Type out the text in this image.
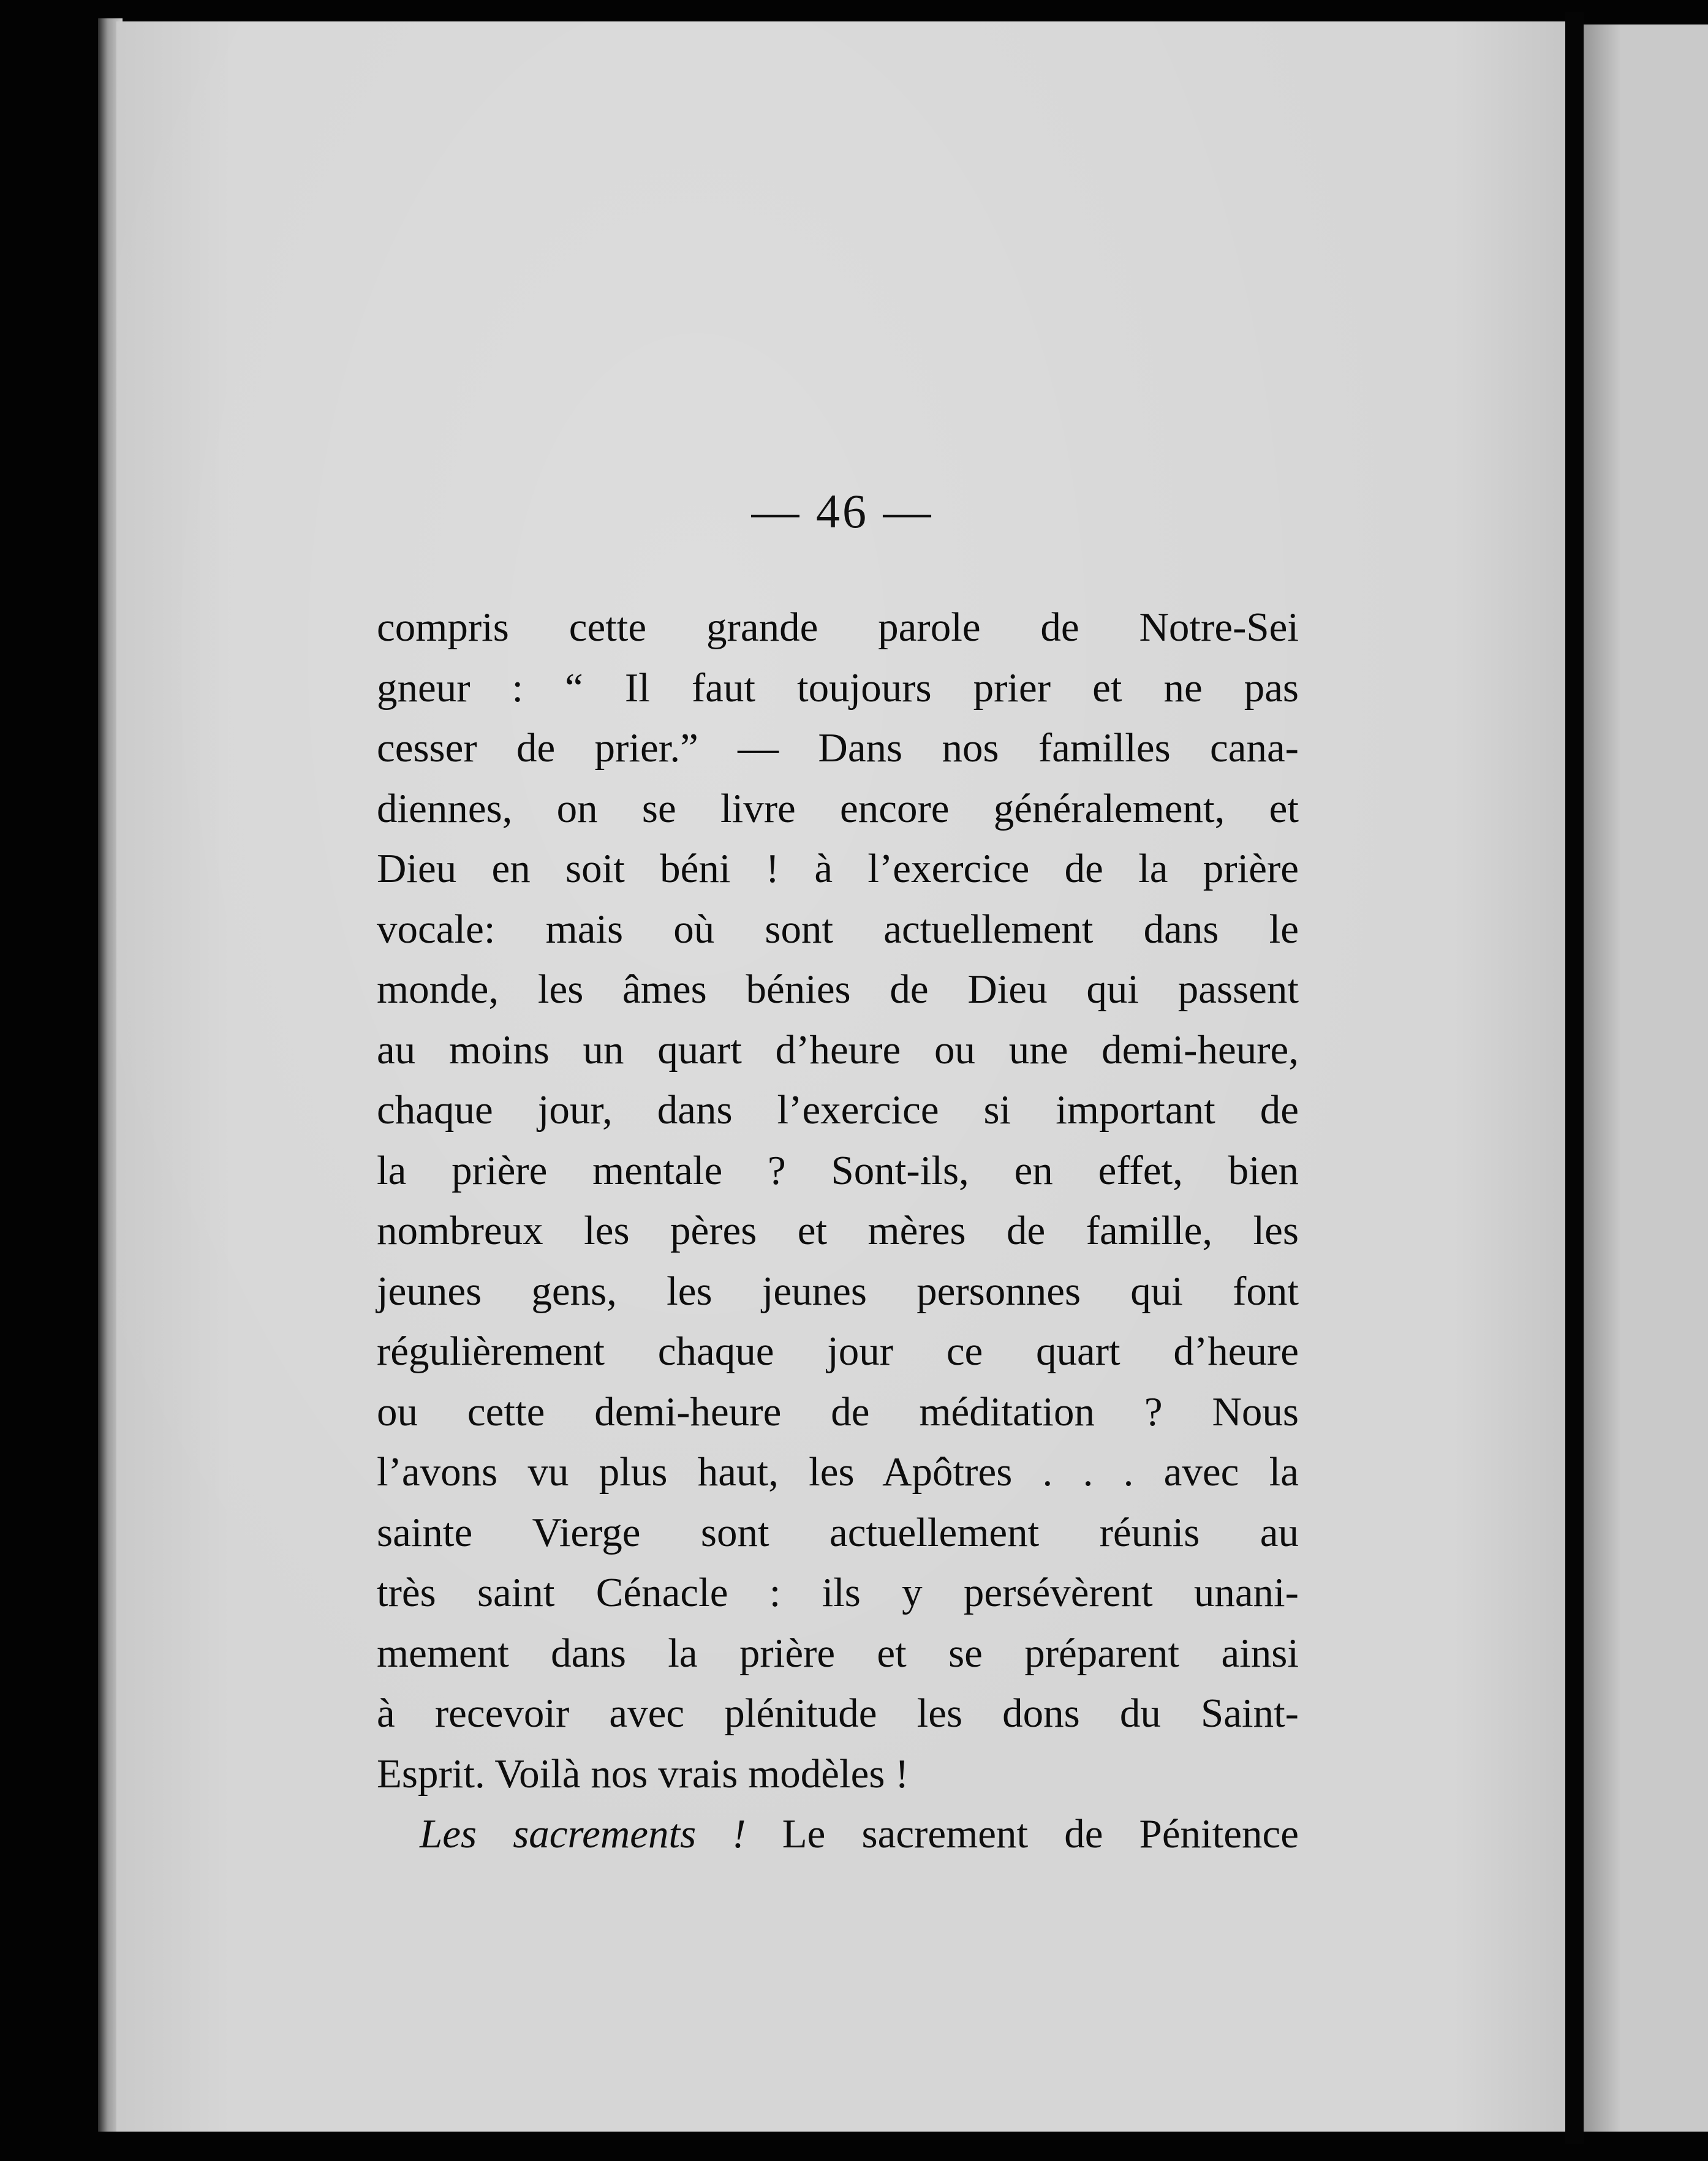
— 46 —
compris cette grande parole de Notre-Sei
gneur : “ Il faut toujours prier et ne pas
cesser de prier.” — Dans nos familles cana-
diennes, on se livre encore généralement, et
Dieu en soit béni ! à l’exercice de la prière
vocale: mais où sont actuellement dans le
monde, les âmes bénies de Dieu qui passent
au moins un quart d’heure ou une demi-heure,
chaque jour, dans l’exercice si important de
la prière mentale ? Sont-ils, en effet, bien
nombreux les pères et mères de famille, les
jeunes gens, les jeunes personnes qui font
régulièrement chaque jour ce quart d’heure
ou cette demi-heure de méditation ? Nous
l’avons vu plus haut, les Apôtres . . . avec la
sainte Vierge sont actuellement réunis au
très saint Cénacle : ils y persévèrent unani-
mement dans la prière et se préparent ainsi
à recevoir avec plénitude les dons du Saint-
Esprit. Voilà nos vrais modèles !
Les sacrements ! Le sacrement de Pénitence
